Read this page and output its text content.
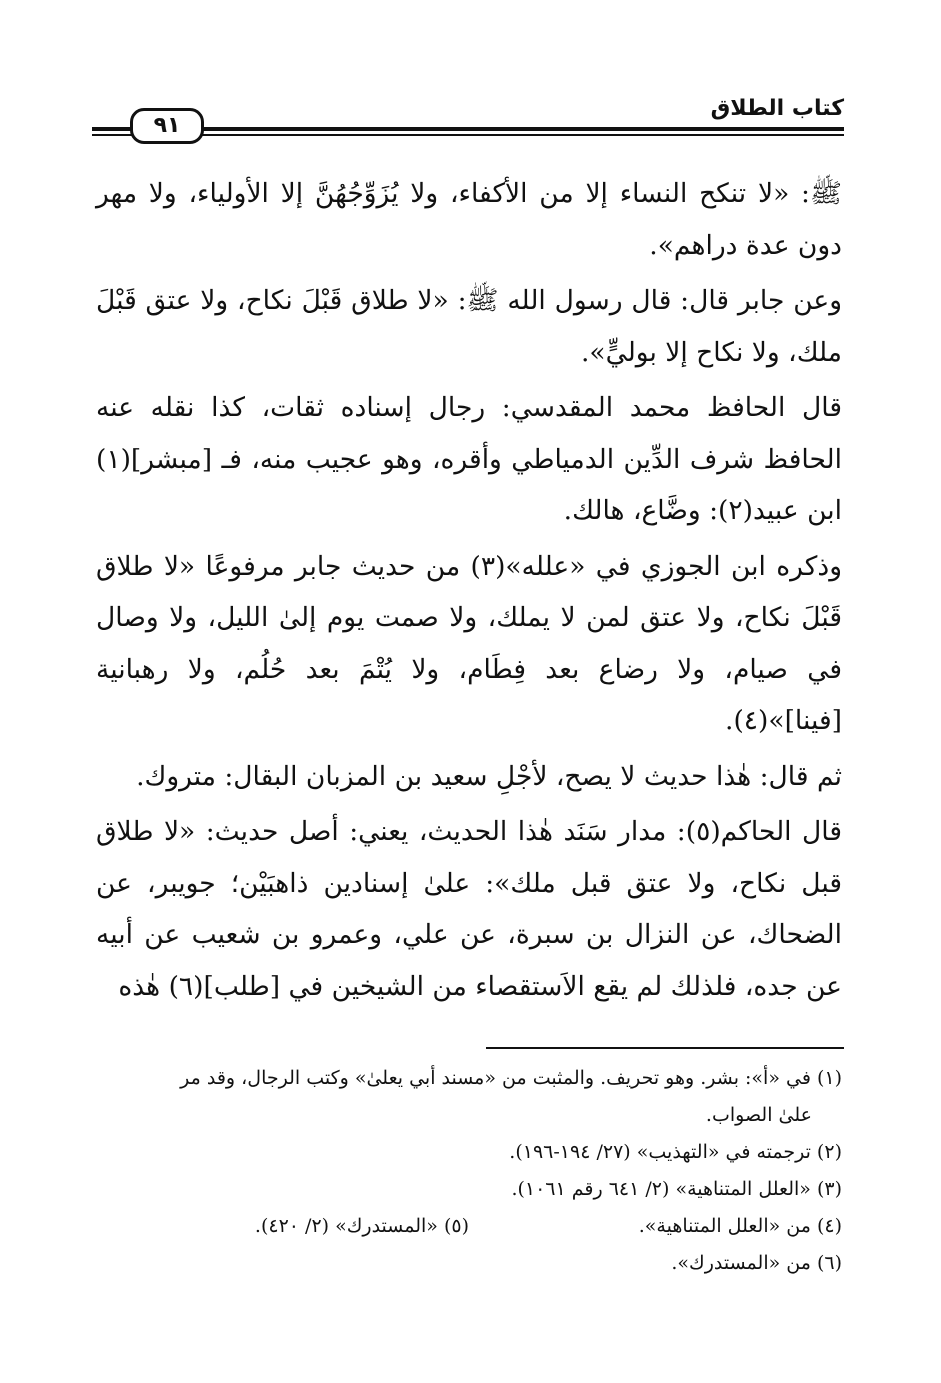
كتاب الطلاق
٩١

ﷺ: «لا تنكح النساء إلا من الأكفاء، ولا يُزَوِّجُهُنَّ إلا الأولياء، ولا مهر دون عدة دراهم».

وعن جابر قال: قال رسول الله ﷺ: «لا طلاق قَبْلَ نكاح، ولا عتق قَبْلَ ملك، ولا نكاح إلا بوليٍّ».

قال الحافظ محمد المقدسي: رجال إسناده ثقات، كذا نقله عنه الحافظ شرف الدِّين الدمياطي وأقره، وهو عجيب منه، فـ [مبشر](١) ابن عبيد(٢): وضَّاع، هالك.

وذكره ابن الجوزي في «علله»(٣) من حديث جابر مرفوعًا «لا طلاق قَبْلَ نكاح، ولا عتق لمن لا يملك، ولا صمت يوم إلىٰ الليل، ولا وصال في صيام، ولا رضاع بعد فِطَام، ولا يُتْمَ بعد حُلُم، ولا رهبانية [فينا]»(٤).

ثم قال: هٰذا حديث لا يصح، لأجْلِ سعيد بن المزبان البقال: متروك.

قال الحاكم(٥): مدار سَنَد هٰذا الحديث، يعني: أصل حديث: «لا طلاق قبل نكاح، ولا عتق قبل ملك»: علىٰ إسنادين ذاهبَيْن؛ جويبر، عن الضحاك، عن النزال بن سبرة، عن علي، وعمرو بن شعيب عن أبيه عن جده، فلذلك لم يقع الاَستقصاء من الشيخين في [طلب](٦) هٰذه

(١) في «أ»: بشر. وهو تحريف. والمثبت من «مسند أبي يعلىٰ» وكتب الرجال، وقد مر

علىٰ الصواب.

(٢) ترجمته في «التهذيب» (٢٧/ ١٩٤-١٩٦).

(٣) «العلل المتناهية» (٢/ ٦٤١ رقم ١٠٦١).

(٤) من «العلل المتناهية».
(٥) «المستدرك» (٢/ ٤٢٠).

(٦) من «المستدرك».
